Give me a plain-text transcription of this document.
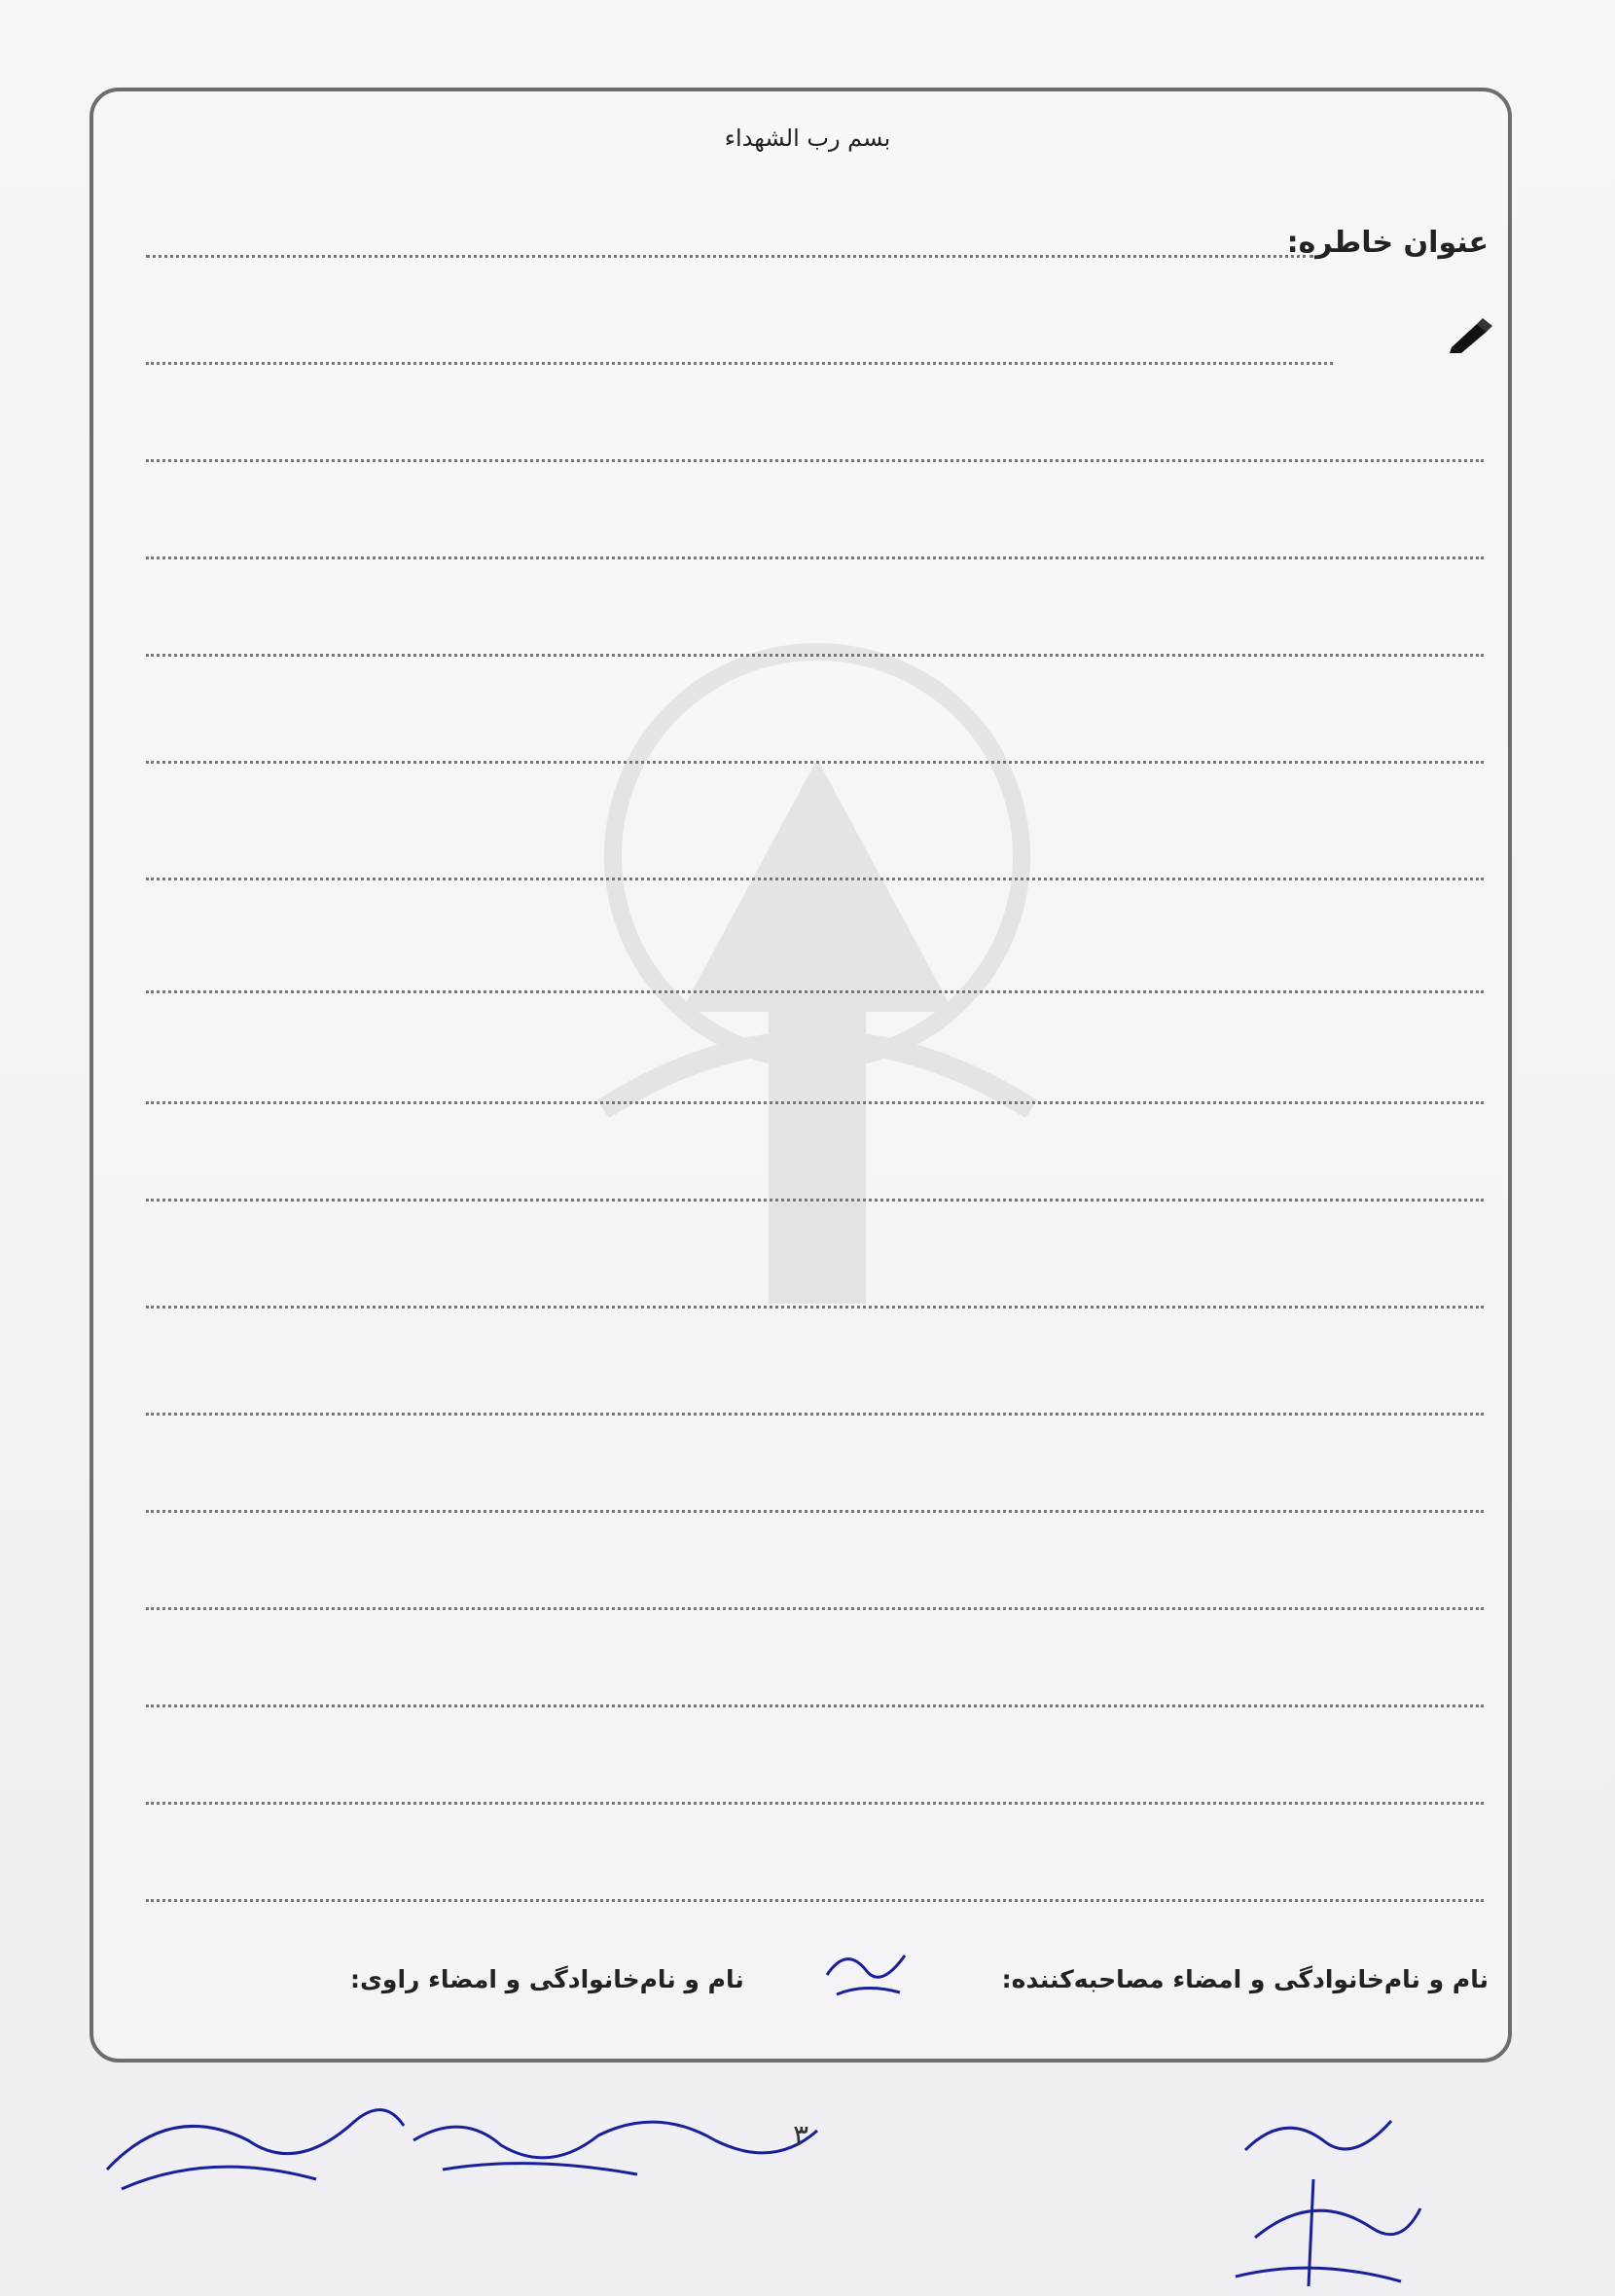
بسم رب الشهداء
عنوان خاطره:
نام و نام‌خانوادگی و امضاء مصاحبه‌کننده:
نام و نام‌خانوادگی و امضاء راوی:
۳
